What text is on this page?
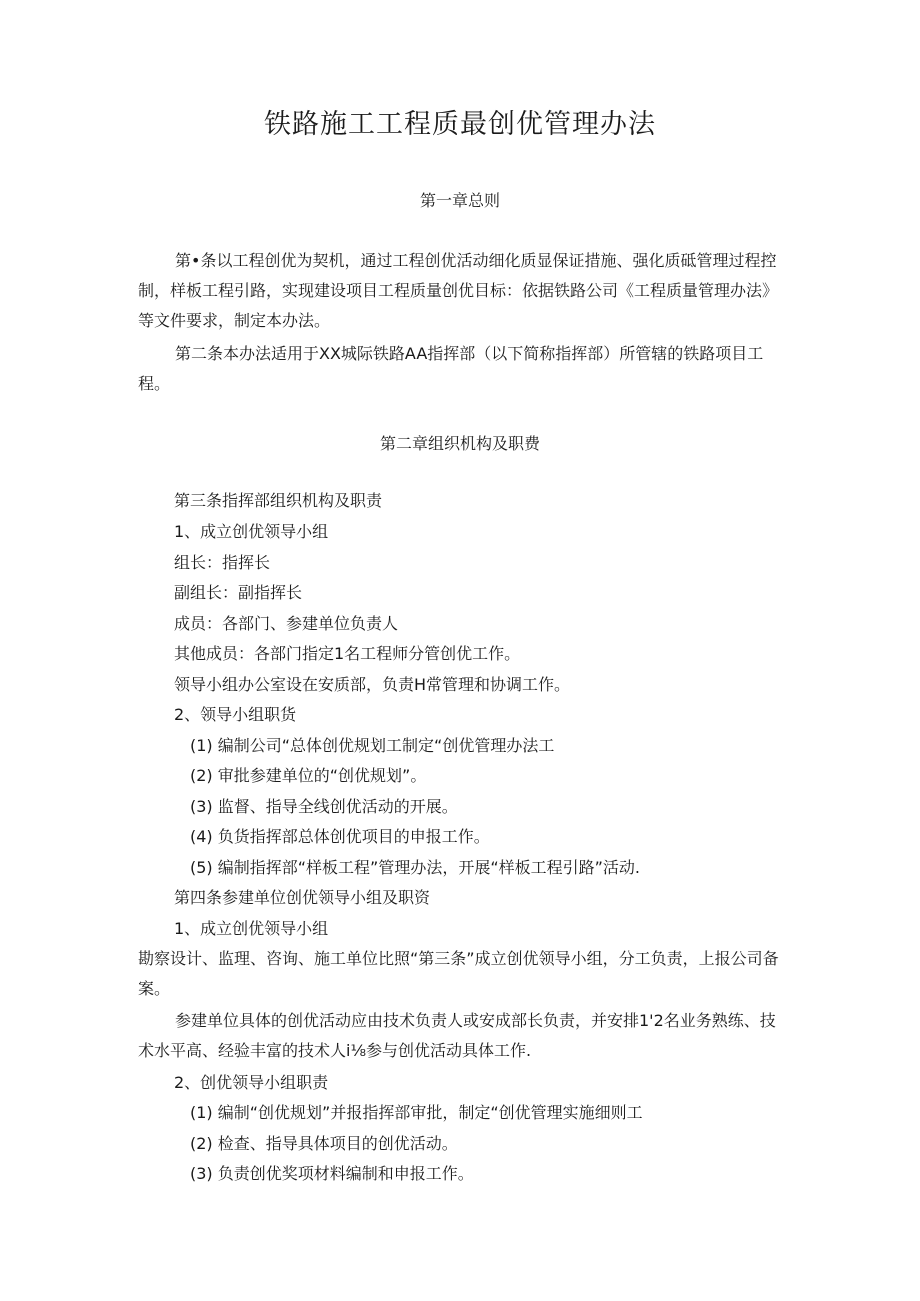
铁路施工工程质最创优管理办法
第一章总则

第•条以工程创优为契机，通过工程创优活动细化质显保证措施、强化质砥管理过程控制，样板工程引路，实现建设项目工程质量创优目标：依据铁路公司《工程质量管理办法》等文件要求，制定本办法。

第二条本办法适用于XX城际铁路AA指挥部（以下简称指挥部）所管辖的铁路项目工程。

第二章组织机构及职费

第三条指挥部组织机构及职责

1、成立创优领导小组

组长：指挥长

副组长：副指挥长

成员：各部门、参建单位负责人

其他成员：各部门指定1名工程师分管创优工作。

领导小组办公室设在安质部，负责H常管理和协调工作。

2、领导小组职货

(1) 编制公司“总体创优规划工制定“创优管理办法工

(2) 审批参建单位的“创优规划”。

(3) 监督、指导全线创优活动的开展。

(4) 负货指挥部总体创优项目的申报工作。

(5) 编制指挥部“样板工程”管理办法，开展“样板工程引路”活动.

第四条参建单位创优领导小组及职资

1、成立创优领导小组

勘察设计、监理、咨询、施工单位比照“第三条”成立创优领导小组，分工负责，上报公司备案。

参建单位具体的创优活动应由技术负责人或安成部长负责，并安排1'2名业务熟练、技术水平高、经验丰富的技术人i⅛参与创优活动具体工作.

2、创优领导小组职责

(1) 编制“创优规划”并报指挥部审批，制定“创优管理实施细则工

(2) 检查、指导具体项目的创优活动。

(3) 负责创优奖项材料编制和申报工作。
